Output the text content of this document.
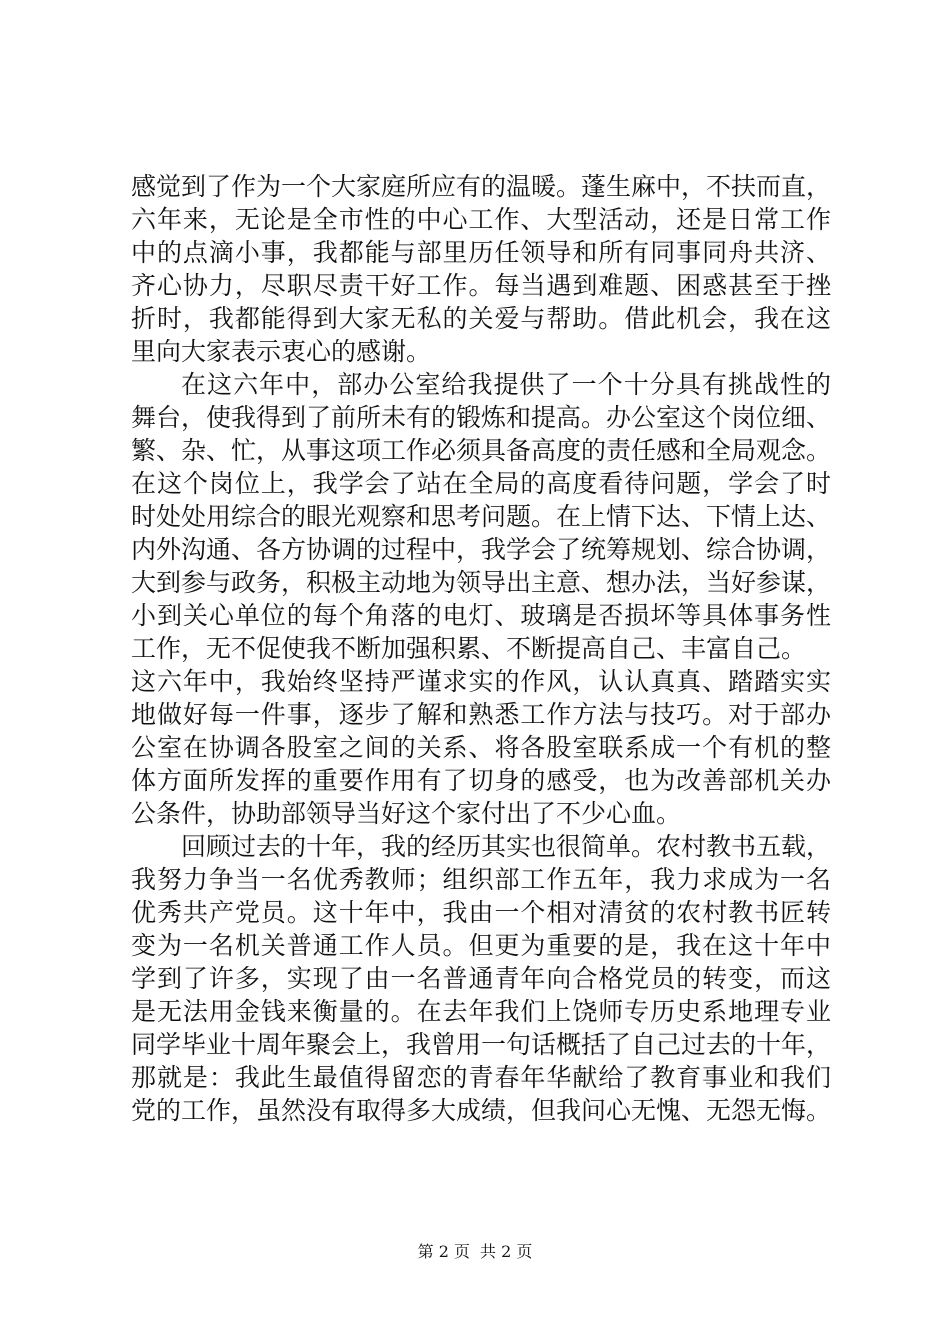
感觉到了作为一个大家庭所应有的温暖。蓬生麻中，不扶而直，
六年来，无论是全市性的中心工作、大型活动，还是日常工作
中的点滴小事，我都能与部里历任领导和所有同事同舟共济、
齐心协力，尽职尽责干好工作。每当遇到难题、困惑甚至于挫
折时，我都能得到大家无私的关爱与帮助。借此机会，我在这
里向大家表示衷心的感谢。
在这六年中，部办公室给我提供了一个十分具有挑战性的
舞台，使我得到了前所未有的锻炼和提高。办公室这个岗位细、
繁、杂、忙，从事这项工作必须具备高度的责任感和全局观念。
在这个岗位上，我学会了站在全局的高度看待问题，学会了时
时处处用综合的眼光观察和思考问题。在上情下达、下情上达、
内外沟通、各方协调的过程中，我学会了统筹规划、综合协调，
大到参与政务，积极主动地为领导出主意、想办法，当好参谋，
小到关心单位的每个角落的电灯、玻璃是否损坏等具体事务性
工作，无不促使我不断加强积累、不断提高自己、丰富自己。
这六年中，我始终坚持严谨求实的作风，认认真真、踏踏实实
地做好每一件事，逐步了解和熟悉工作方法与技巧。对于部办
公室在协调各股室之间的关系、将各股室联系成一个有机的整
体方面所发挥的重要作用有了切身的感受，也为改善部机关办
公条件，协助部领导当好这个家付出了不少心血。
回顾过去的十年，我的经历其实也很简单。农村教书五载，
我努力争当一名优秀教师；组织部工作五年，我力求成为一名
优秀共产党员。这十年中，我由一个相对清贫的农村教书匠转
变为一名机关普通工作人员。但更为重要的是，我在这十年中
学到了许多，实现了由一名普通青年向合格党员的转变，而这
是无法用金钱来衡量的。在去年我们上饶师专历史系地理专业
同学毕业十周年聚会上，我曾用一句话概括了自己过去的十年，
那就是：我此生最值得留恋的青春年华献给了教育事业和我们
党的工作，虽然没有取得多大成绩，但我问心无愧、无怨无悔。
第 2 页 共 2 页
